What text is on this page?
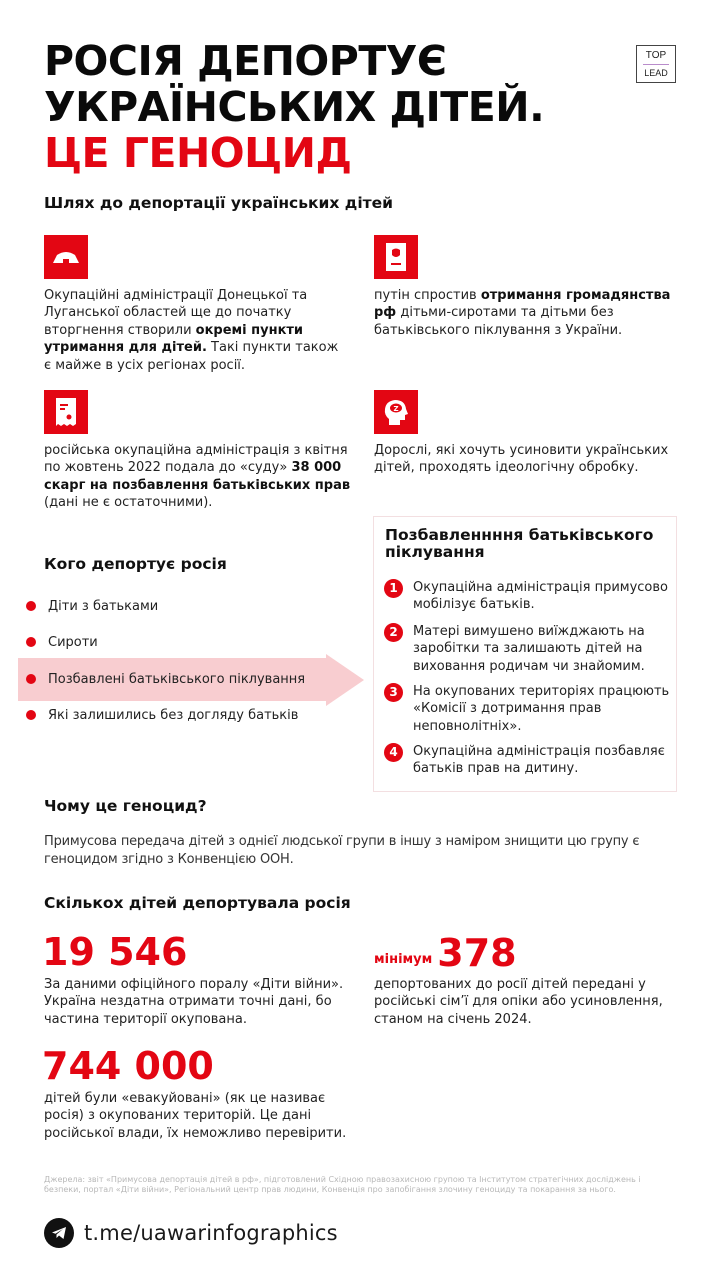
РОСІЯ ДЕПОРТУЄ
УКРАЇНСЬКИХ ДІТЕЙ.
ЦЕ ГЕНОЦИД
TOP
LEAD
Шлях до депортації українських дітей
Окупаційні адміністрації Донецької та Луганської областей ще до початку вторгнення створили окремі пункти утримання для дітей. Такі пункти також є майже в усіх регіонах росії.
путін спростив отримання громадянства рф дітьми-сиротами та дітьми без батьківського піклування з України.
російська окупаційна адміністрація з квітня по жовтень 2022 подала до «суду» 38 000 скарг на позбавлення батьківських прав (дані не є остаточними).
Z
Дорослі, які хочуть усиновити українських дітей, проходять ідеологічну обробку.
Кого депортує росія
Діти з батьками
Сироти
Позбавлені батьківського піклування
Які залишились без догляду батьків
Позбавленнння батьківського піклування
1	Окупаційна адміністрація примусово мобілізує батьків.
2	Матері вимушено виїжджають на заробітки та залишають дітей на виховання родичам чи знайомим.
3	На окупованих територіях працюють «Комісії з дотримання прав неповнолітніх».
4	Окупаційна адміністрація позбавляє батьків прав на дитину.
Чому це геноцид?
Примусова передача дітей з однієї людської групи в іншу з наміром знищити цю групу є геноцидом згідно з Конвенцією ООН.
Скількох дітей депортувала росія
19 546
За даними офіційного поралу «Діти війни». Україна нездатна отримати точні дані, бо частина території окупована.
мінімум 378
депортованих до росії дітей передані у російські сім’ї для опіки або усиновлення, станом на січень 2024.
744 000
дітей були «евакуйовані» (як це називає росія) з окупованих територій. Це дані російської влади, їх неможливо перевірити.
Джерела: звіт «Примусова депортація дітей в рф», підготовлений Східною правозахисною групою та Інститутом стратегічних досліджень і безпеки, портал «Діти війни», Регіональний центр прав людини, Конвенція про запобігання злочину геноциду та покарання за нього.
t.me/uawarinfographics
